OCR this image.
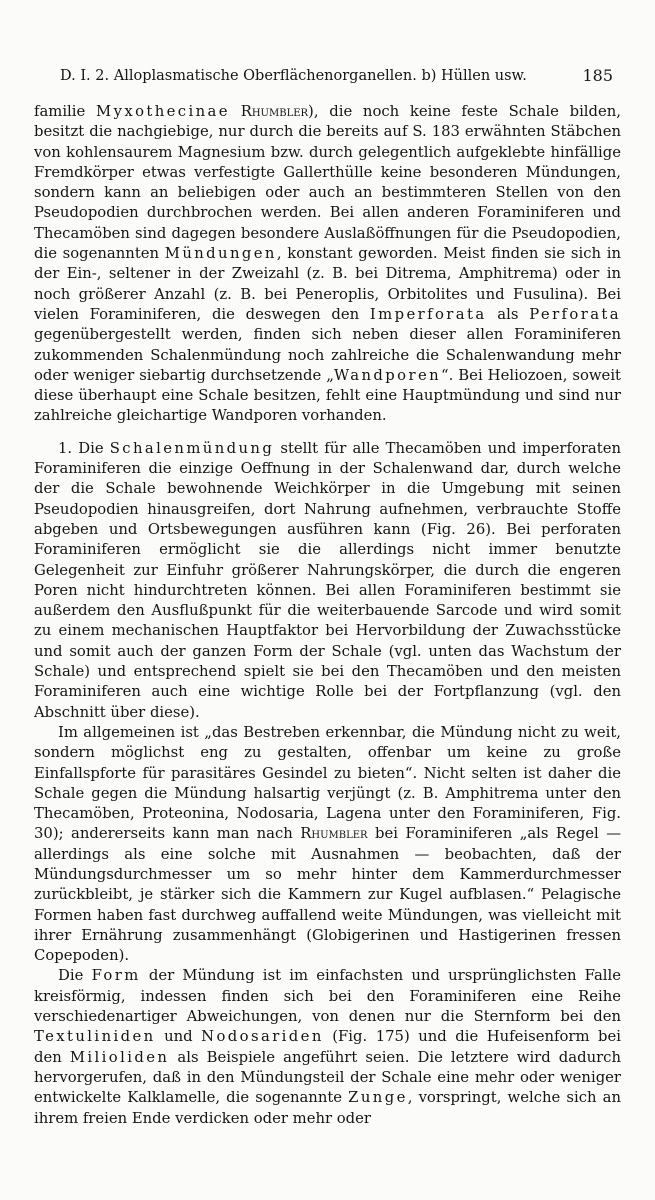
D. I. 2. Alloplasmatische Oberflächenorganellen. b) Hüllen usw.	185

familie Myxothecinae Rhumbler), die noch keine feste Schale bilden, besitzt die nachgiebige, nur durch die bereits auf S. 183 erwähnten Stäbchen von kohlensaurem Magnesium bzw. durch gelegentlich aufgeklebte hinfällige Fremdkörper etwas verfestigte Gallerthülle keine besonderen Mündungen, sondern kann an beliebigen oder auch an bestimmteren Stellen von den Pseudopodien durchbrochen werden. Bei allen anderen Foraminiferen und Thecamöben sind dagegen besondere Auslaßöffnungen für die Pseudopodien, die sogenannten Mündungen, konstant geworden. Meist finden sie sich in der Ein-, seltener in der Zweizahl (z. B. bei Ditrema, Amphitrema) oder in noch größerer Anzahl (z. B. bei Peneroplis, Orbitolites und Fusulina). Bei vielen Foraminiferen, die deswegen den Imperforata als Perforata gegenübergestellt werden, finden sich neben dieser allen Foraminiferen zukommenden Schalenmündung noch zahlreiche die Schalenwandung mehr oder weniger siebartig durchsetzende „Wandporen“. Bei Heliozoen, soweit diese überhaupt eine Schale besitzen, fehlt eine Hauptmündung und sind nur zahlreiche gleichartige Wandporen vorhanden.

1. Die Schalenmündung stellt für alle Thecamöben und imperforaten Foraminiferen die einzige Oeffnung in der Schalenwand dar, durch welche der die Schale bewohnende Weichkörper in die Umgebung mit seinen Pseudopodien hinausgreifen, dort Nahrung aufnehmen, verbrauchte Stoffe abgeben und Ortsbewegungen ausführen kann (Fig. 26). Bei perforaten Foraminiferen ermöglicht sie die allerdings nicht immer benutzte Gelegenheit zur Einfuhr größerer Nahrungskörper, die durch die engeren Poren nicht hindurchtreten können. Bei allen Foraminiferen bestimmt sie außerdem den Ausflußpunkt für die weiterbauende Sarcode und wird somit zu einem mechanischen Hauptfaktor bei Hervorbildung der Zuwachsstücke und somit auch der ganzen Form der Schale (vgl. unten das Wachstum der Schale) und entsprechend spielt sie bei den Thecamöben und den meisten Foraminiferen auch eine wichtige Rolle bei der Fortpflanzung (vgl. den Abschnitt über diese).

Im allgemeinen ist „das Bestreben erkennbar, die Mündung nicht zu weit, sondern möglichst eng zu gestalten, offenbar um keine zu große Einfallspforte für parasitäres Gesindel zu bieten“. Nicht selten ist daher die Schale gegen die Mündung halsartig verjüngt (z. B. Amphitrema unter den Thecamöben, Proteonina, Nodosaria, Lagena unter den Foraminiferen, Fig. 30); andererseits kann man nach Rhumbler bei Foraminiferen „als Regel — allerdings als eine solche mit Ausnahmen — beobachten, daß der Mündungsdurchmesser um so mehr hinter dem Kammerdurchmesser zurückbleibt, je stärker sich die Kammern zur Kugel aufblasen.“ Pelagische Formen haben fast durchweg auffallend weite Mündungen, was vielleicht mit ihrer Ernährung zusammenhängt (Globigerinen und Hastigerinen fressen Copepoden).

Die Form der Mündung ist im einfachsten und ursprünglichsten Falle kreisförmig, indessen finden sich bei den Foraminiferen eine Reihe verschiedenartiger Abweichungen, von denen nur die Sternform bei den Textuliniden und Nodosariden (Fig. 175) und die Hufeisenform bei den Milioliden als Beispiele angeführt seien. Die letztere wird dadurch hervorgerufen, daß in den Mündungsteil der Schale eine mehr oder weniger entwickelte Kalklamelle, die sogenannte Zunge, vorspringt, welche sich an ihrem freien Ende verdicken oder mehr oder
